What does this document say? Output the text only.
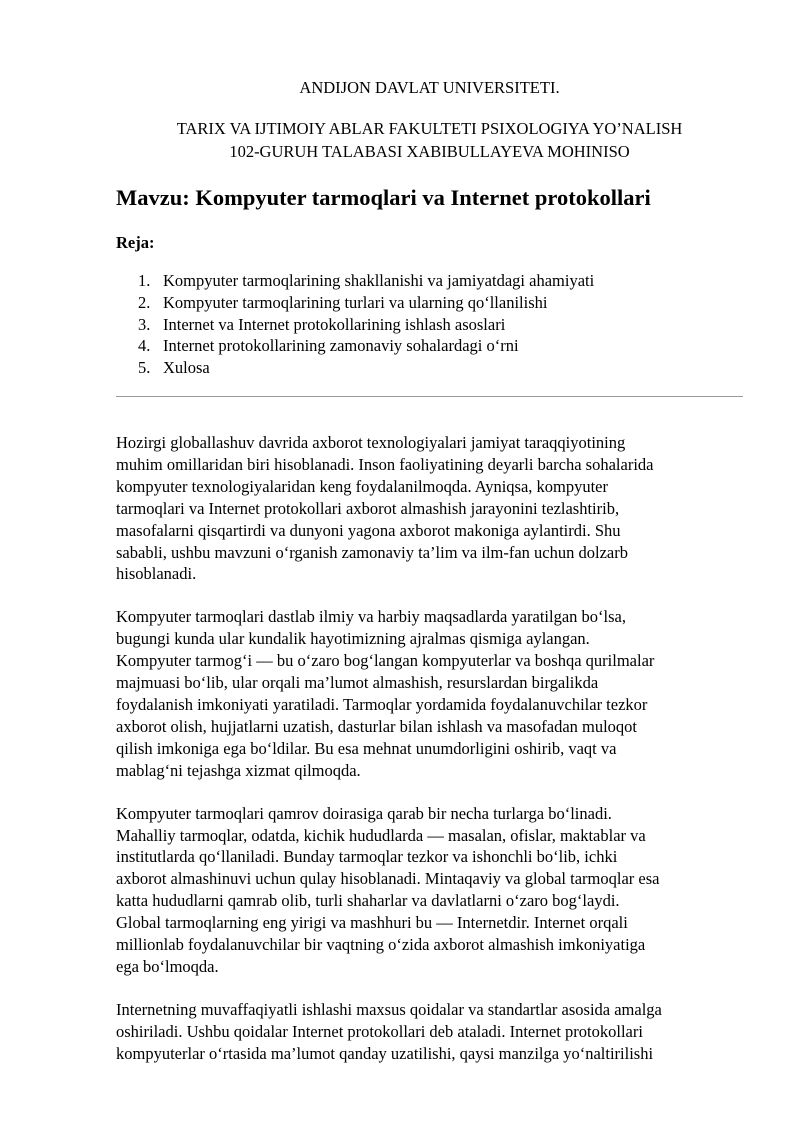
ANDIJON DAVLAT UNIVERSITETI.

TARIX VA IJTIMOIY ABLAR FAKULTETI PSIXOLOGIYA YO’NALISH

102-GURUH TALABASI XABIBULLAYEVA MOHINISO

Mavzu: Kompyuter tarmoqlari va Internet protokollari

Reja:

1. Kompyuter tarmoqlarining shakllanishi va jamiyatdagi ahamiyati
2. Kompyuter tarmoqlarining turlari va ularning qo‘llanilishi
3. Internet va Internet protokollarining ishlash asoslari
4. Internet protokollarining zamonaviy sohalardagi o‘rni
5. Xulosa

Hozirgi globallashuv davrida axborot texnologiyalari jamiyat taraqqiyotining
muhim omillaridan biri hisoblanadi. Inson faoliyatining deyarli barcha sohalarida
kompyuter texnologiyalaridan keng foydalanilmoqda. Ayniqsa, kompyuter
tarmoqlari va Internet protokollari axborot almashish jarayonini tezlashtirib,
masofalarni qisqartirdi va dunyoni yagona axborot makoniga aylantirdi. Shu
sababli, ushbu mavzuni o‘rganish zamonaviy ta’lim va ilm-fan uchun dolzarb
hisoblanadi.

Kompyuter tarmoqlari dastlab ilmiy va harbiy maqsadlarda yaratilgan bo‘lsa,
bugungi kunda ular kundalik hayotimizning ajralmas qismiga aylangan.
Kompyuter tarmog‘i — bu o‘zaro bog‘langan kompyuterlar va boshqa qurilmalar
majmuasi bo‘lib, ular orqali ma’lumot almashish, resurslardan birgalikda
foydalanish imkoniyati yaratiladi. Tarmoqlar yordamida foydalanuvchilar tezkor
axborot olish, hujjatlarni uzatish, dasturlar bilan ishlash va masofadan muloqot
qilish imkoniga ega bo‘ldilar. Bu esa mehnat unumdorligini oshirib, vaqt va
mablag‘ni tejashga xizmat qilmoqda.

Kompyuter tarmoqlari qamrov doirasiga qarab bir necha turlarga bo‘linadi.
Mahalliy tarmoqlar, odatda, kichik hududlarda — masalan, ofislar, maktablar va
institutlarda qo‘llaniladi. Bunday tarmoqlar tezkor va ishonchli bo‘lib, ichki
axborot almashinuvi uchun qulay hisoblanadi. Mintaqaviy va global tarmoqlar esa
katta hududlarni qamrab olib, turli shaharlar va davlatlarni o‘zaro bog‘laydi.
Global tarmoqlarning eng yirigi va mashhuri bu — Internetdir. Internet orqali
millionlab foydalanuvchilar bir vaqtning o‘zida axborot almashish imkoniyatiga
ega bo‘lmoqda.

Internetning muvaffaqiyatli ishlashi maxsus qoidalar va standartlar asosida amalga
oshiriladi. Ushbu qoidalar Internet protokollari deb ataladi. Internet protokollari
kompyuterlar o‘rtasida ma’lumot qanday uzatilishi, qaysi manzilga yo‘naltirilishi
